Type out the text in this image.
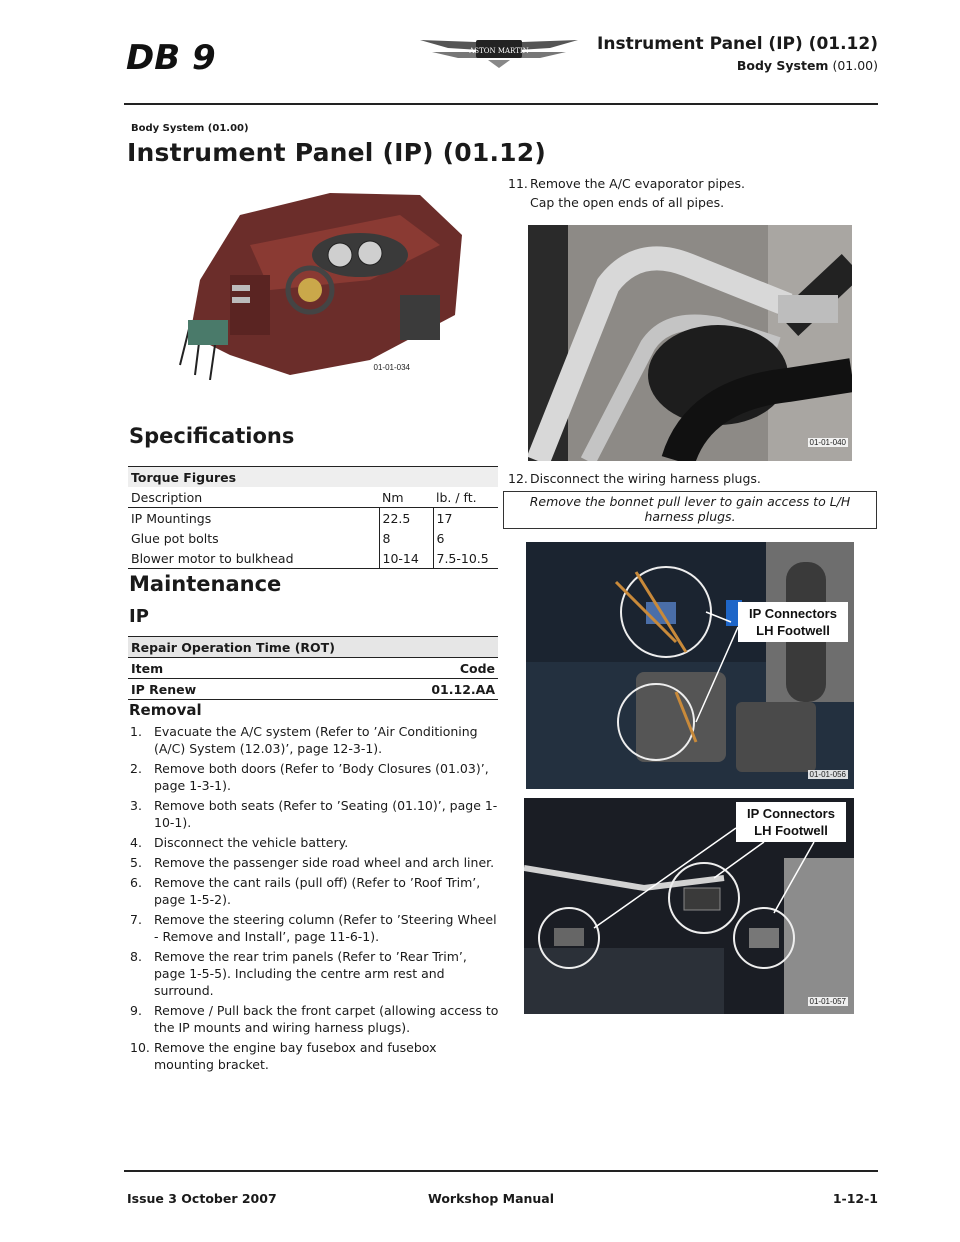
DB 9	ASTON MARTIN	Instrument Panel (IP) (01.12)
Body System (01.00)
Body System (01.00)
Instrument Panel (IP) (01.12)
01-01-034
Specifications
Torque Figures		
Description	Nm	lb. / ft.
IP Mountings	22.5	17
Glue pot bolts	8	6
Blower motor to bulkhead	10-14	7.5-10.5
Maintenance
IP
Repair Operation Time (ROT)	
Item	Code
IP Renew	01.12.AA
Removal
1. Evacuate the A/C system (Refer to ’Air Conditioning (A/C) System (12.03)’, page 12-3-1).
2. Remove both doors (Refer to ’Body Closures (01.03)’, page 1-3-1).
3. Remove both seats (Refer to ’Seating (01.10)’, page 1-10-1).
4. Disconnect the vehicle battery.
5. Remove the passenger side road wheel and arch liner.
6. Remove the cant rails (pull off) (Refer to ’Roof Trim’, page 1-5-2).
7. Remove the steering column (Refer to ’Steering Wheel - Remove and Install’, page 11-6-1).
8. Remove the rear trim panels (Refer to ’Rear Trim’, page 1-5-5). Including the centre arm rest and surround.
9. Remove / Pull back the front carpet (allowing access to the IP mounts and wiring harness plugs).
10. Remove the engine bay fusebox and fusebox mounting bracket.
11. Remove the A/C evaporator pipes.
Cap the open ends of all pipes.
01-01-040
12. Disconnect the wiring harness plugs.
Remove the bonnet pull lever to gain access to L/H harness plugs.
IP Connectors
LH Footwell
01-01-056
IP Connectors
LH Footwell
01-01-057
Issue 3 October 2007	Workshop Manual	1-12-1
